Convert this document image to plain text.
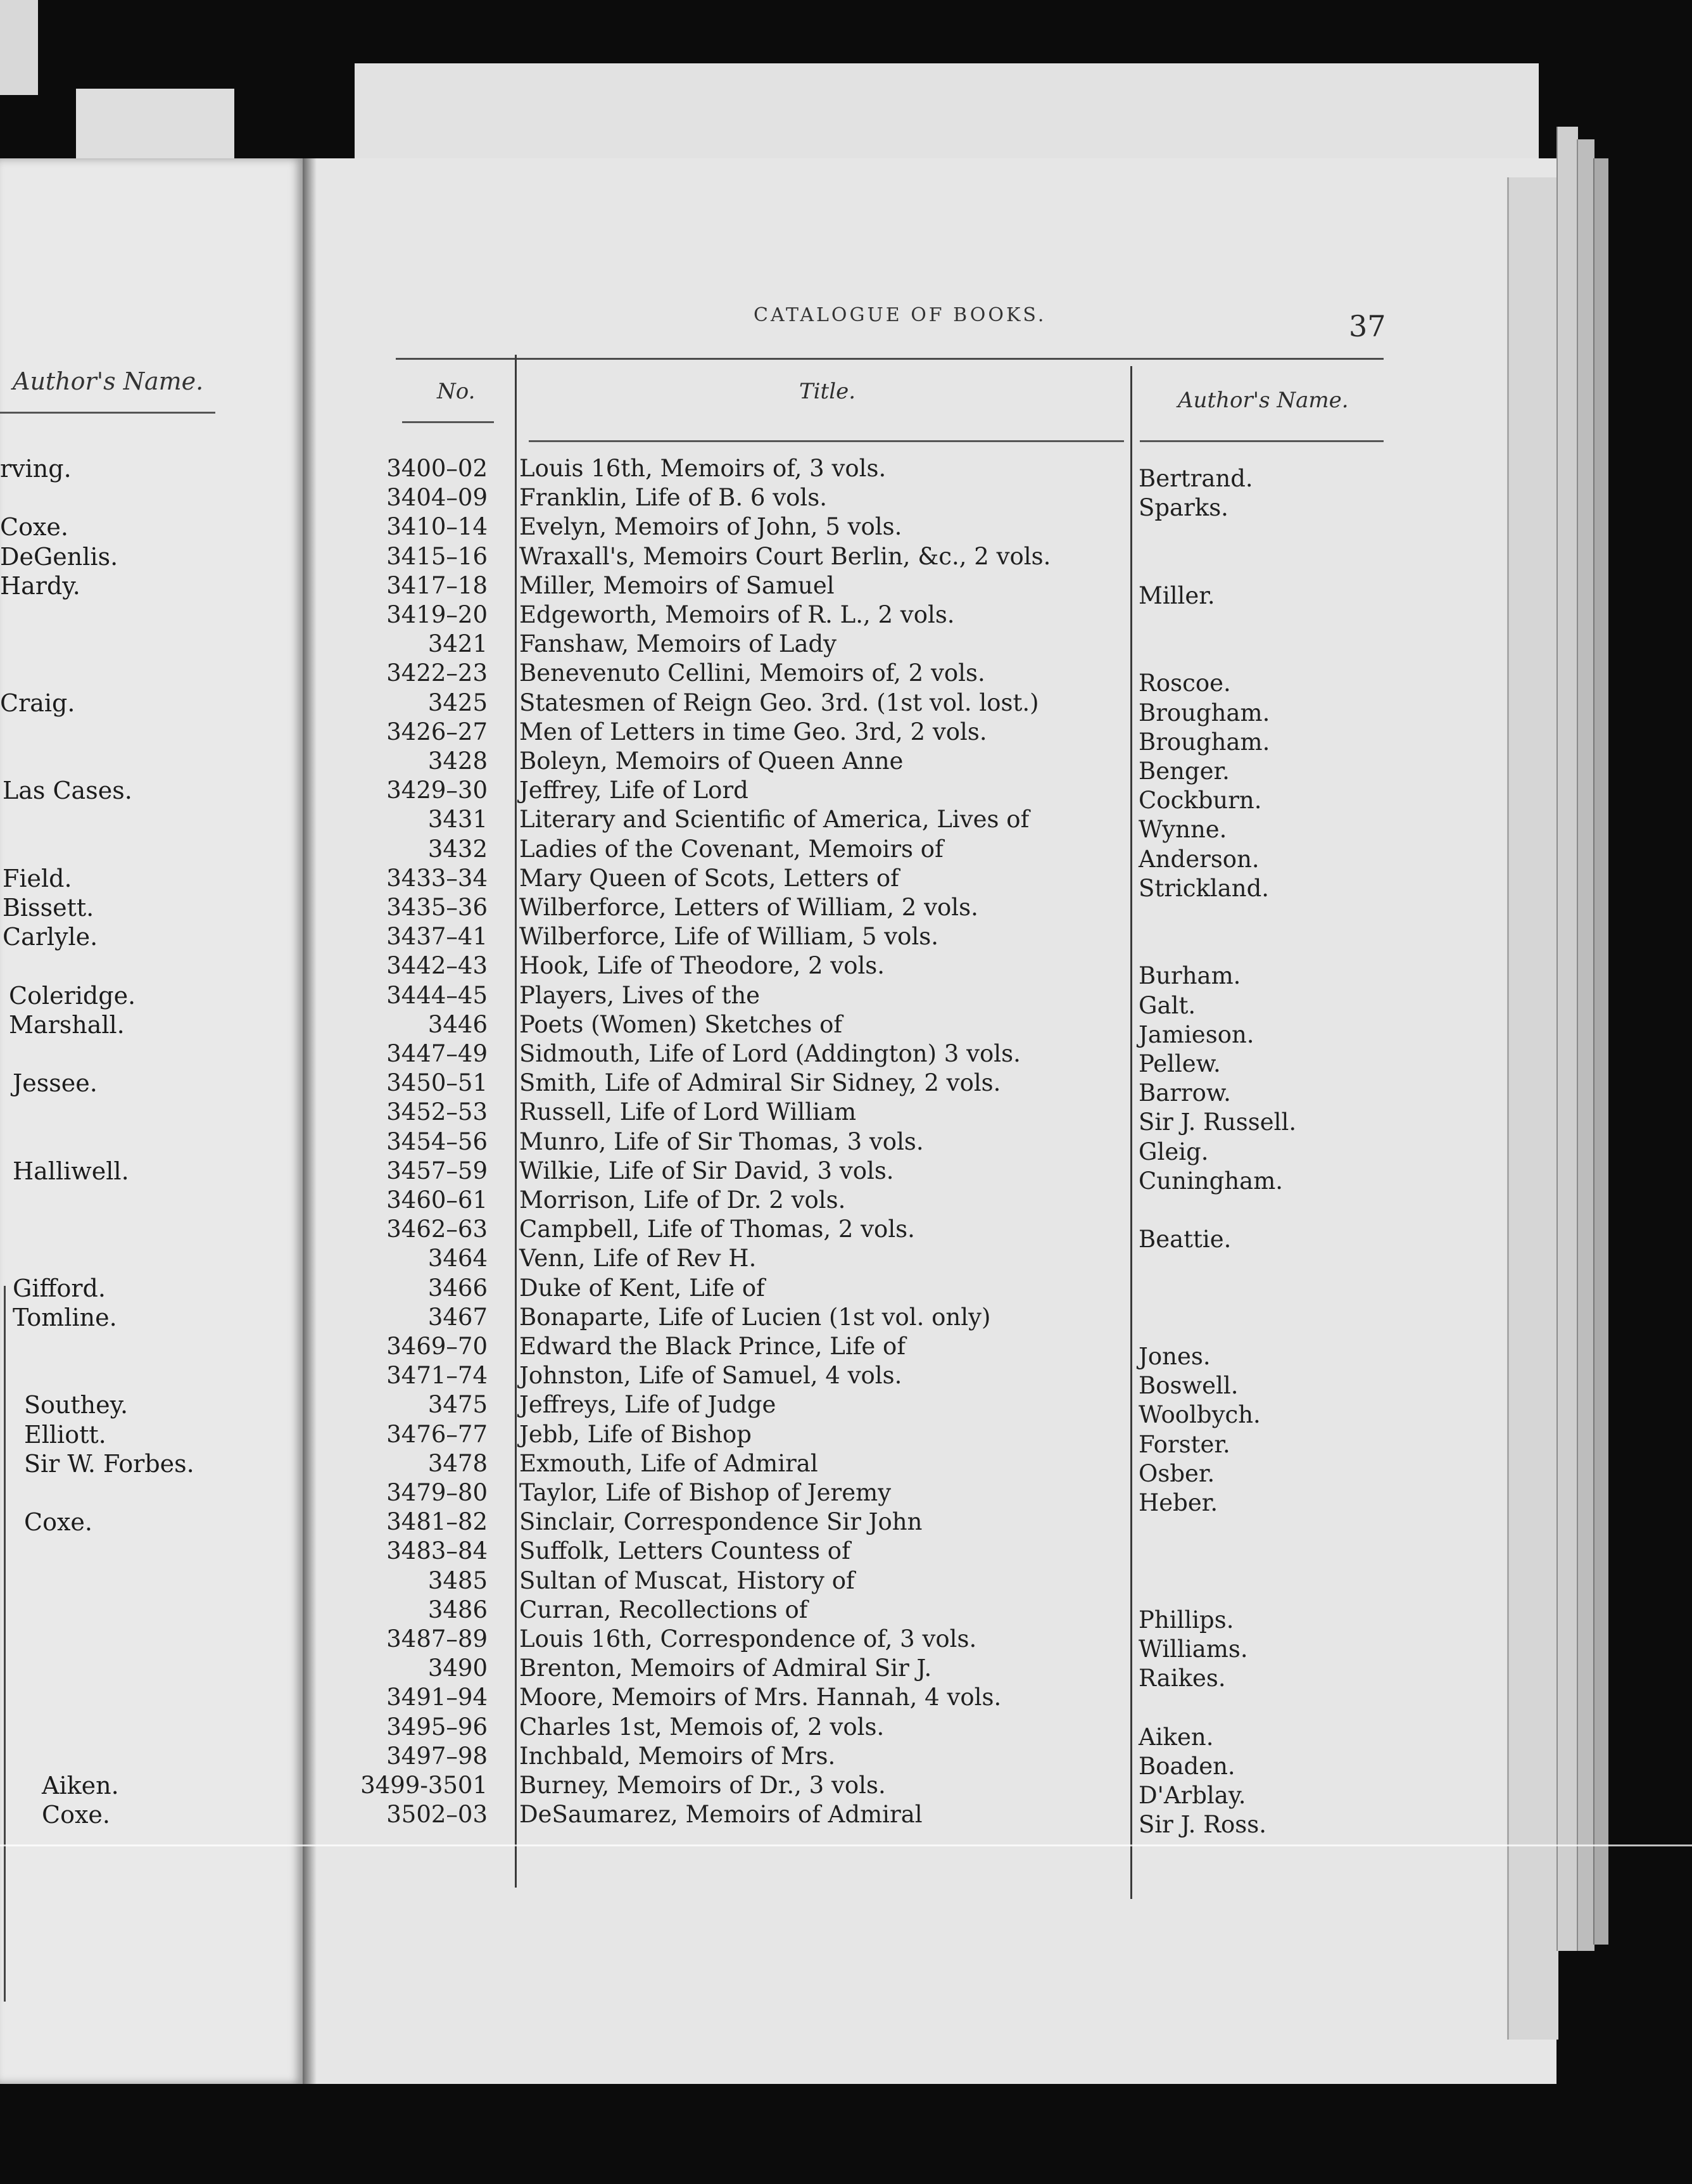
Author's Name.
rving.
Coxe.
DeGenlis.
Hardy.
Craig.
Las Cases.
Field.
Bissett.
Carlyle.
Coleridge.
Marshall.
Jessee.
Halliwell.
Gifford.
Tomline.
Southey.
Elliott.
Sir W. Forbes.
Coxe.
Aiken.
Coxe.
CATALOGUE OF BOOKS.	37
No.	Title.	Author's Name.
3400–02 Louis 16th, Memoirs of, 3 vols.	Bertrand.
3404–09 Franklin, Life of B. 6 vols.	Sparks.
3410–14 Evelyn, Memoirs of John, 5 vols.
3415–16 Wraxall's, Memoirs Court Berlin, &c., 2 vols.
3417–18 Miller, Memoirs of Samuel	Miller.
3419–20 Edgeworth, Memoirs of R. L., 2 vols.
3421 Fanshaw, Memoirs of Lady
3422–23 Benevenuto Cellini, Memoirs of, 2 vols.	Roscoe.
3425 Statesmen of Reign Geo. 3rd. (1st vol. lost.)	Brougham.
3426–27 Men of Letters in time Geo. 3rd, 2 vols.	Brougham.
3428 Boleyn, Memoirs of Queen Anne	Benger.
3429–30 Jeffrey, Life of Lord	Cockburn.
3431 Literary and Scientific of America, Lives of	Wynne.
3432 Ladies of the Covenant, Memoirs of	Anderson.
3433–34 Mary Queen of Scots, Letters of	Strickland.
3435–36 Wilberforce, Letters of William, 2 vols.
3437–41 Wilberforce, Life of William, 5 vols.
3442–43 Hook, Life of Theodore, 2 vols.	Burham.
3444–45 Players, Lives of the	Galt.
3446 Poets (Women) Sketches of	Jamieson.
3447–49 Sidmouth, Life of Lord (Addington) 3 vols.	Pellew.
3450–51 Smith, Life of Admiral Sir Sidney, 2 vols.	Barrow.
3452–53 Russell, Life of Lord William	Sir J. Russell.
3454–56 Munro, Life of Sir Thomas, 3 vols.	Gleig.
3457–59 Wilkie, Life of Sir David, 3 vols.	Cuningham.
3460–61 Morrison, Life of Dr. 2 vols.
3462–63 Campbell, Life of Thomas, 2 vols.	Beattie.
3464 Venn, Life of Rev H.
3466 Duke of Kent, Life of
3467 Bonaparte, Life of Lucien (1st vol. only)
3469–70 Edward the Black Prince, Life of	Jones.
3471–74 Johnston, Life of Samuel, 4 vols.	Boswell.
3475 Jeffreys, Life of Judge	Woolbych.
3476–77 Jebb, Life of Bishop	Forster.
3478 Exmouth, Life of Admiral	Osber.
3479–80 Taylor, Life of Bishop of Jeremy	Heber.
3481–82 Sinclair, Correspondence Sir John
3483–84 Suffolk, Letters Countess of
3485 Sultan of Muscat, History of
3486 Curran, Recollections of	Phillips.
3487–89 Louis 16th, Correspondence of, 3 vols.	Williams.
3490 Brenton, Memoirs of Admiral Sir J.	Raikes.
3491–94 Moore, Memoirs of Mrs. Hannah, 4 vols.
3495–96 Charles 1st, Memois of, 2 vols.	Aiken.
3497–98 Inchbald, Memoirs of Mrs.	Boaden.
3499-3501 Burney, Memoirs of Dr., 3 vols.	D'Arblay.
3502–03 DeSaumarez, Memoirs of Admiral	Sir J. Ross.
